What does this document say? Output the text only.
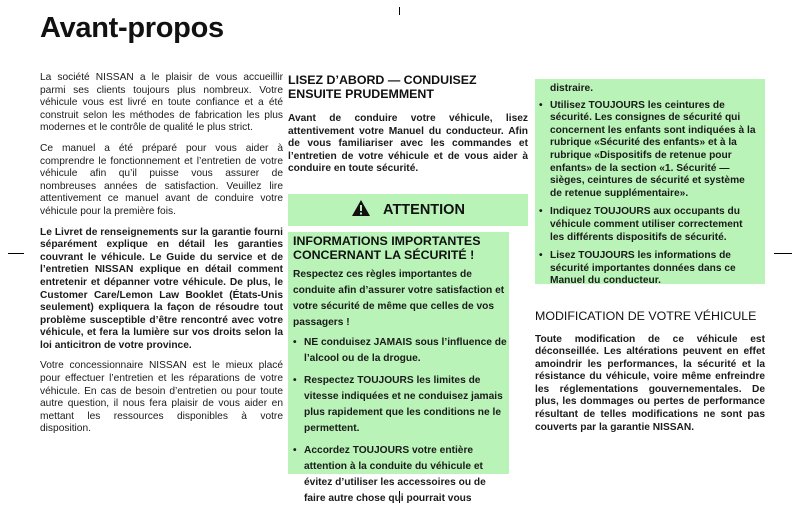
Avant-propos

La société NISSAN a le plaisir de vous accueillir parmi ses clients toujours plus nombreux. Votre véhicule vous est livré en toute confiance et a été construit selon les méthodes de fabrication les plus modernes et le contrôle de qualité le plus strict.

Ce manuel a été préparé pour vous aider à comprendre le fonctionnement et l’entretien de votre véhicule afin qu’il puisse vous assurer de nombreuses années de satisfaction. Veuillez lire attentivement ce manuel avant de conduire votre véhicule pour la première fois.

Le Livret de renseignements sur la garantie fourni séparément explique en détail les garanties couvrant le véhicule. Le Guide du service et de l’entretien NISSAN explique en détail comment entretenir et dépanner votre véhicule. De plus, le Customer Care/Lemon Law Booklet (États-Unis seulement) expliquera la façon de résoudre tout problème susceptible d’être rencontré avec votre véhicule, et fera la lumière sur vos droits selon la loi anticitron de votre province.

Votre concessionnaire NISSAN est le mieux placé pour effectuer l’entretien et les réparations de votre véhicule. En cas de besoin d’entretien ou pour toute autre question, il nous fera plaisir de vous aider en mettant les ressources disponibles à votre disposition.

LISEZ D’ABORD — CONDUISEZ ENSUITE PRUDEMMENT

Avant de conduire votre véhicule, lisez attentivement votre Manuel du conducteur. Afin de vous familiariser avec les commandes et l’entretien de votre véhicule et de vous aider à conduire en toute sécurité.

ATTENTION
INFORMATIONS IMPORTANTES CONCERNANT LA SÉCURITÉ !

Respectez ces règles importantes de conduite afin d’assurer votre satisfaction et votre sécurité de même que celles de vos passagers !

• NE conduisez JAMAIS sous l’influence de l’alcool ou de la drogue.

• Respectez TOUJOURS les limites de vitesse indiquées et ne conduisez jamais plus rapidement que les conditions ne le permettent.

• Accordez TOUJOURS votre entière attention à la conduite du véhicule et évitez d’utiliser les accessoires ou de faire autre chose qui pourrait vous

distraire.

• Utilisez TOUJOURS les ceintures de sécurité. Les consignes de sécurité qui concernent les enfants sont indiquées à la rubrique «Sécurité des enfants» et à la rubrique «Dispositifs de retenue pour enfants» de la section «1. Sécurité — sièges, ceintures de sécurité et système de retenue supplémentaire».

• Indiquez TOUJOURS aux occupants du véhicule comment utiliser correctement les différents dispositifs de sécurité.

• Lisez TOUJOURS les informations de sécurité importantes données dans ce Manuel du conducteur.

MODIFICATION DE VOTRE VÉHICULE

Toute modification de ce véhicule est déconseillée. Les altérations peuvent en effet amoindrir les performances, la sécurité et la résistance du véhicule, voire même enfreindre les réglementations gouvernementales. De plus, les dommages ou pertes de performance résultant de telles modifications ne sont pas couverts par la garantie NISSAN.
